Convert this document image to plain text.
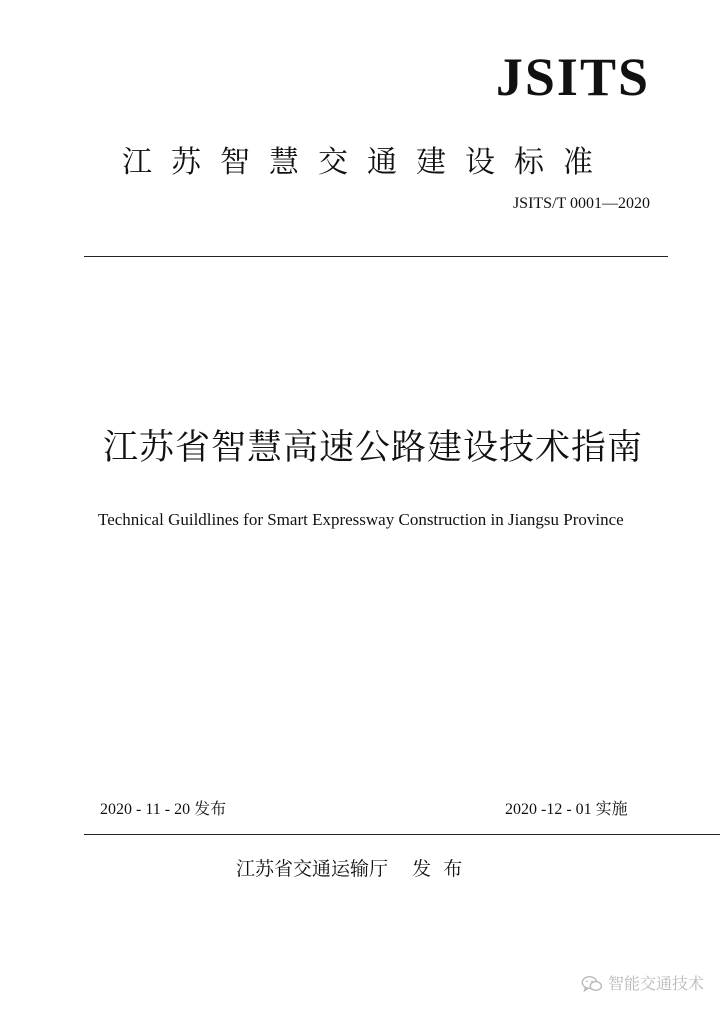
JSITS
江苏智慧交通建设标准
JSITS/T 0001—2020
江苏省智慧高速公路建设技术指南
Technical Guildlines for Smart Expressway Construction in Jiangsu Province
2020 - 11 - 20 发布	2020 -12 - 01 实施
江苏省交通运输厅    发  布
智能交通技术
